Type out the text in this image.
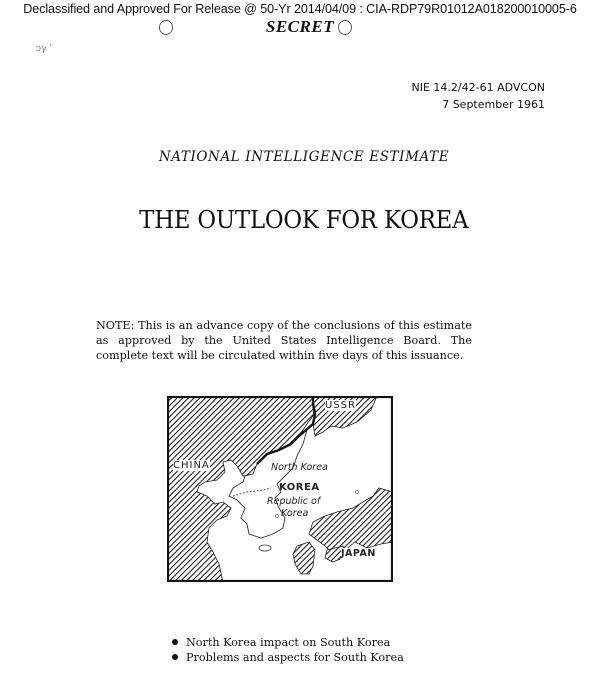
Declassified and Approved For Release @ 50-Yr 2014/04/09 : CIA-RDP79R01012A018200010005-6
SECRET
ɔγ ˈ
NIE 14.2/42-61 ADVCON
7 September 1961
NATIONAL INTELLIGENCE ESTIMATE
THE OUTLOOK FOR KOREA
NOTE: This is an advance copy of the conclusions of this estimate as approved by the United States Intelligence Board. The complete text will be circulated within five days of this issuance.
USSR
CHINA	North Korea
KOREA
Republic of
Korea
JAPAN
North Korea impact on South Korea
Problems and aspects for South Korea
